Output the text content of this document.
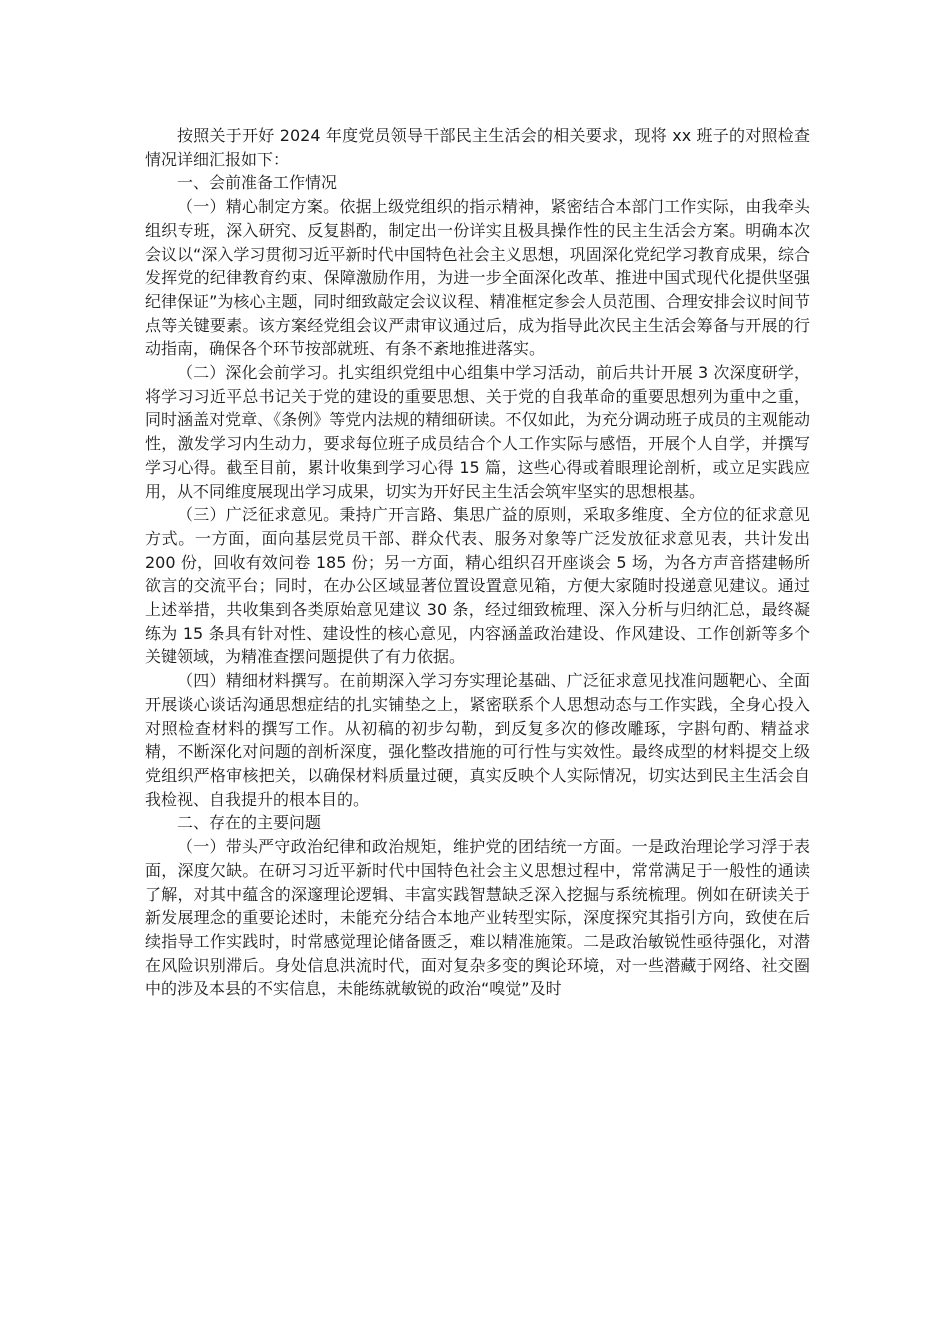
按照关于开好 2024 年度党员领导干部民主生活会的相关要求，现将 xx 班子的对照检查情况详细汇报如下：

一、会前准备工作情况

（一）精心制定方案。依据上级党组织的指示精神，紧密结合本部门工作实际，由我牵头组织专班，深入研究、反复斟酌，制定出一份详实且极具操作性的民主生活会方案。明确本次会议以“深入学习贯彻习近平新时代中国特色社会主义思想，巩固深化党纪学习教育成果，综合发挥党的纪律教育约束、保障激励作用，为进一步全面深化改革、推进中国式现代化提供坚强纪律保证”为核心主题，同时细致敲定会议议程、精准框定参会人员范围、合理安排会议时间节点等关键要素。该方案经党组会议严肃审议通过后，成为指导此次民主生活会筹备与开展的行动指南，确保各个环节按部就班、有条不紊地推进落实。

（二）深化会前学习。扎实组织党组中心组集中学习活动，前后共计开展 3 次深度研学，将学习习近平总书记关于党的建设的重要思想、关于党的自我革命的重要思想列为重中之重，同时涵盖对党章、《条例》等党内法规的精细研读。不仅如此，为充分调动班子成员的主观能动性，激发学习内生动力，要求每位班子成员结合个人工作实际与感悟，开展个人自学，并撰写学习心得。截至目前，累计收集到学习心得 15 篇，这些心得或着眼理论剖析，或立足实践应用，从不同维度展现出学习成果，切实为开好民主生活会筑牢坚实的思想根基。

（三）广泛征求意见。秉持广开言路、集思广益的原则，采取多维度、全方位的征求意见方式。一方面，面向基层党员干部、群众代表、服务对象等广泛发放征求意见表，共计发出 200 份，回收有效问卷 185 份；另一方面，精心组织召开座谈会 5 场，为各方声音搭建畅所欲言的交流平台；同时，在办公区域显著位置设置意见箱，方便大家随时投递意见建议。通过上述举措，共收集到各类原始意见建议 30 条，经过细致梳理、深入分析与归纳汇总，最终凝练为 15 条具有针对性、建设性的核心意见，内容涵盖政治建设、作风建设、工作创新等多个关键领域，为精准查摆问题提供了有力依据。

（四）精细材料撰写。在前期深入学习夯实理论基础、广泛征求意见找准问题靶心、全面开展谈心谈话沟通思想症结的扎实铺垫之上，紧密联系个人思想动态与工作实践，全身心投入对照检查材料的撰写工作。从初稿的初步勾勒，到反复多次的修改雕琢，字斟句酌、精益求精，不断深化对问题的剖析深度，强化整改措施的可行性与实效性。最终成型的材料提交上级党组织严格审核把关，以确保材料质量过硬，真实反映个人实际情况，切实达到民主生活会自我检视、自我提升的根本目的。

二、存在的主要问题

（一）带头严守政治纪律和政治规矩，维护党的团结统一方面。一是政治理论学习浮于表面，深度欠缺。在研习习近平新时代中国特色社会主义思想过程中，常常满足于一般性的通读了解，对其中蕴含的深邃理论逻辑、丰富实践智慧缺乏深入挖掘与系统梳理。例如在研读关于新发展理念的重要论述时，未能充分结合本地产业转型实际，深度探究其指引方向，致使在后续指导工作实践时，时常感觉理论储备匮乏，难以精准施策。二是政治敏锐性亟待强化，对潜在风险识别滞后。身处信息洪流时代，面对复杂多变的舆论环境，对一些潜藏于网络、社交圈中的涉及本县的不实信息，未能练就敏锐的政治“嗅觉”及时
